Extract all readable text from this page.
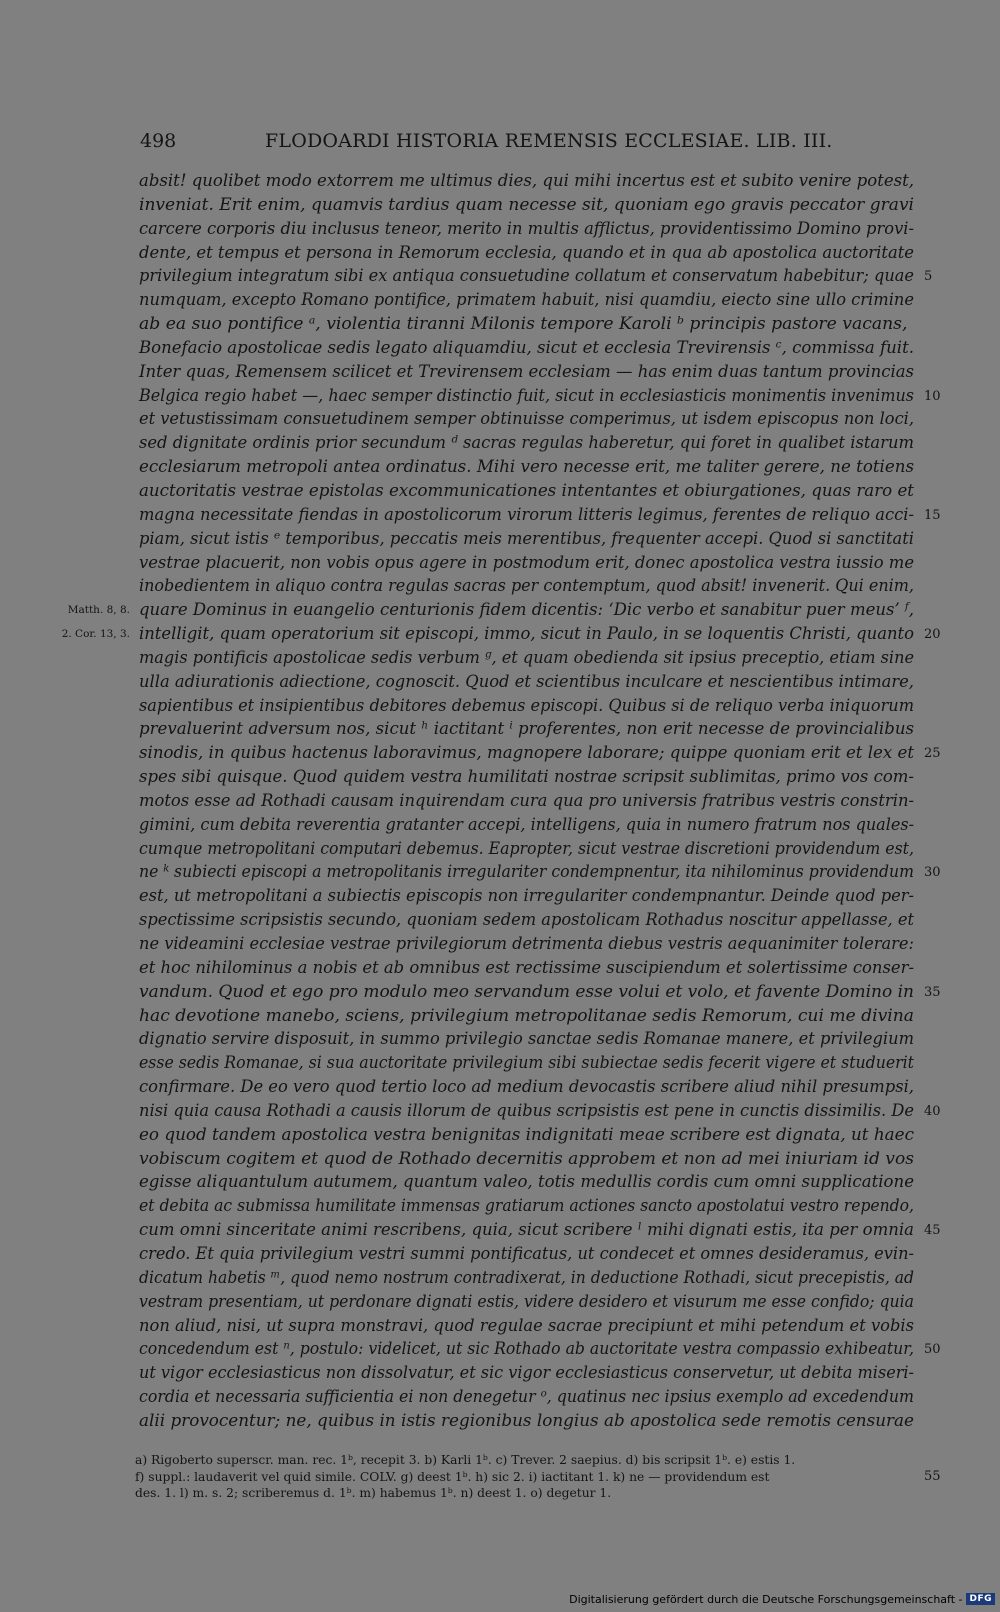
498	FLODOARDI HISTORIA REMENSIS ECCLESIAE. LIB. III.
absit! quolibet modo extorrem me ultimus dies, qui mihi incertus est et subito venire potest,
inveniat. Erit enim, quamvis tardius quam necesse sit, quoniam ego gravis peccator gravi
carcere corporis diu inclusus teneor, merito in multis afflictus, providentissimo Domino provi-
dente, et tempus et persona in Remorum ecclesia, quando et in qua ab apostolica auctoritate
privilegium integratum sibi ex antiqua consuetudine collatum et conservatum habebitur; quae 5
numquam, excepto Romano pontifice, primatem habuit, nisi quamdiu, eiecto sine ullo crimine
ab ea suo pontifice ᵃ, violentia tiranni Milonis tempore Karoli ᵇ principis pastore vacans,
Bonefacio apostolicae sedis legato aliquamdiu, sicut et ecclesia Trevirensis ᶜ, commissa fuit.
Inter quas, Remensem scilicet et Trevirensem ecclesiam — has enim duas tantum provincias
Belgica regio habet —, haec semper distinctio fuit, sicut in ecclesiasticis monimentis invenimus 10
et vetustissimam consuetudinem semper obtinuisse comperimus, ut isdem episcopus non loci,
sed dignitate ordinis prior secundum ᵈ sacras regulas haberetur, qui foret in qualibet istarum
ecclesiarum metropoli antea ordinatus. Mihi vero necesse erit, me taliter gerere, ne totiens
auctoritatis vestrae epistolas excommunicationes intentantes et obiurgationes, quas raro et
magna necessitate fiendas in apostolicorum virorum litteris legimus, ferentes de reliquo acci- 15
piam, sicut istis ᵉ temporibus, peccatis meis merentibus, frequenter accepi. Quod si sanctitati
vestrae placuerit, non vobis opus agere in postmodum erit, donec apostolica vestra iussio me
inobedientem in aliquo contra regulas sacras per contemptum, quod absit! invenerit. Qui enim,
Matth. 8, 8. quare Dominus in euangelio centurionis fidem dicentis: ‘Dic verbo et sanabitur puer meus’ ᶠ,
2. Cor. 13, 3. intelligit, quam operatorium sit episcopi, immo, sicut in Paulo, in se loquentis Christi, quanto 20
magis pontificis apostolicae sedis verbum ᵍ, et quam obedienda sit ipsius preceptio, etiam sine
ulla adiurationis adiectione, cognoscit. Quod et scientibus inculcare et nescientibus intimare,
sapientibus et insipientibus debitores debemus episcopi. Quibus si de reliquo verba iniquorum
prevaluerint adversum nos, sicut ʰ iactitant ⁱ proferentes, non erit necesse de provincialibus
sinodis, in quibus hactenus laboravimus, magnopere laborare; quippe quoniam erit et lex et 25
spes sibi quisque. Quod quidem vestra humilitati nostrae scripsit sublimitas, primo vos com-
motos esse ad Rothadi causam inquirendam cura qua pro universis fratribus vestris constrin-
gimini, cum debita reverentia gratanter accepi, intelligens, quia in numero fratrum nos quales-
cumque metropolitani computari debemus. Eapropter, sicut vestrae discretioni providendum est,
ne ᵏ subiecti episcopi a metropolitanis irregulariter condempnentur, ita nihilominus providendum 30
est, ut metropolitani a subiectis episcopis non irregulariter condempnantur. Deinde quod per-
spectissime scripsistis secundo, quoniam sedem apostolicam Rothadus noscitur appellasse, et
ne videamini ecclesiae vestrae privilegiorum detrimenta diebus vestris aequanimiter tolerare:
et hoc nihilominus a nobis et ab omnibus est rectissime suscipiendum et solertissime conser-
vandum. Quod et ego pro modulo meo servandum esse volui et volo, et favente Domino in 35
hac devotione manebo, sciens, privilegium metropolitanae sedis Remorum, cui me divina
dignatio servire disposuit, in summo privilegio sanctae sedis Romanae manere, et privilegium
esse sedis Romanae, si sua auctoritate privilegium sibi subiectae sedis fecerit vigere et studuerit
confirmare. De eo vero quod tertio loco ad medium devocastis scribere aliud nihil presumpsi,
nisi quia causa Rothadi a causis illorum de quibus scripsistis est pene in cunctis dissimilis. De 40
eo quod tandem apostolica vestra benignitas indignitati meae scribere est dignata, ut haec
vobiscum cogitem et quod de Rothado decernitis approbem et non ad mei iniuriam id vos
egisse aliquantulum autumem, quantum valeo, totis medullis cordis cum omni supplicatione
et debita ac submissa humilitate immensas gratiarum actiones sancto apostolatui vestro rependo,
cum omni sinceritate animi rescribens, quia, sicut scribere ˡ mihi dignati estis, ita per omnia 45
credo. Et quia privilegium vestri summi pontificatus, ut condecet et omnes desideramus, evin-
dicatum habetis ᵐ, quod nemo nostrum contradixerat, in deductione Rothadi, sicut precepistis, ad
vestram presentiam, ut perdonare dignati estis, videre desidero et visurum me esse confido; quia
non aliud, nisi, ut supra monstravi, quod regulae sacrae precipiunt et mihi petendum et vobis
concedendum est ⁿ, postulo: videlicet, ut sic Rothado ab auctoritate vestra compassio exhibeatur, 50
ut vigor ecclesiasticus non dissolvatur, et sic vigor ecclesiasticus conservetur, ut debita miseri-
cordia et necessaria sufficientia ei non denegetur ᵒ, quatinus nec ipsius exemplo ad excedendum
alii provocentur; ne, quibus in istis regionibus longius ab apostolica sede remotis censurae
a) Rigoberto superscr. man. rec. 1ᵇ, recepit 3. b) Karli 1ᵇ. c) Trever. 2 saepius. d) bis scripsit 1ᵇ. e) estis 1.
f) suppl.: laudaverit vel quid simile. COLV. g) deest 1ᵇ. h) sic 2. i) iactitant 1. k) ne — providendum est	55
des. 1. l) m. s. 2; scriberemus d. 1ᵇ. m) habemus 1ᵇ. n) deest 1. o) degetur 1.
Digitalisierung gefördert durch die Deutsche Forschungsgemeinschaft - DFG
